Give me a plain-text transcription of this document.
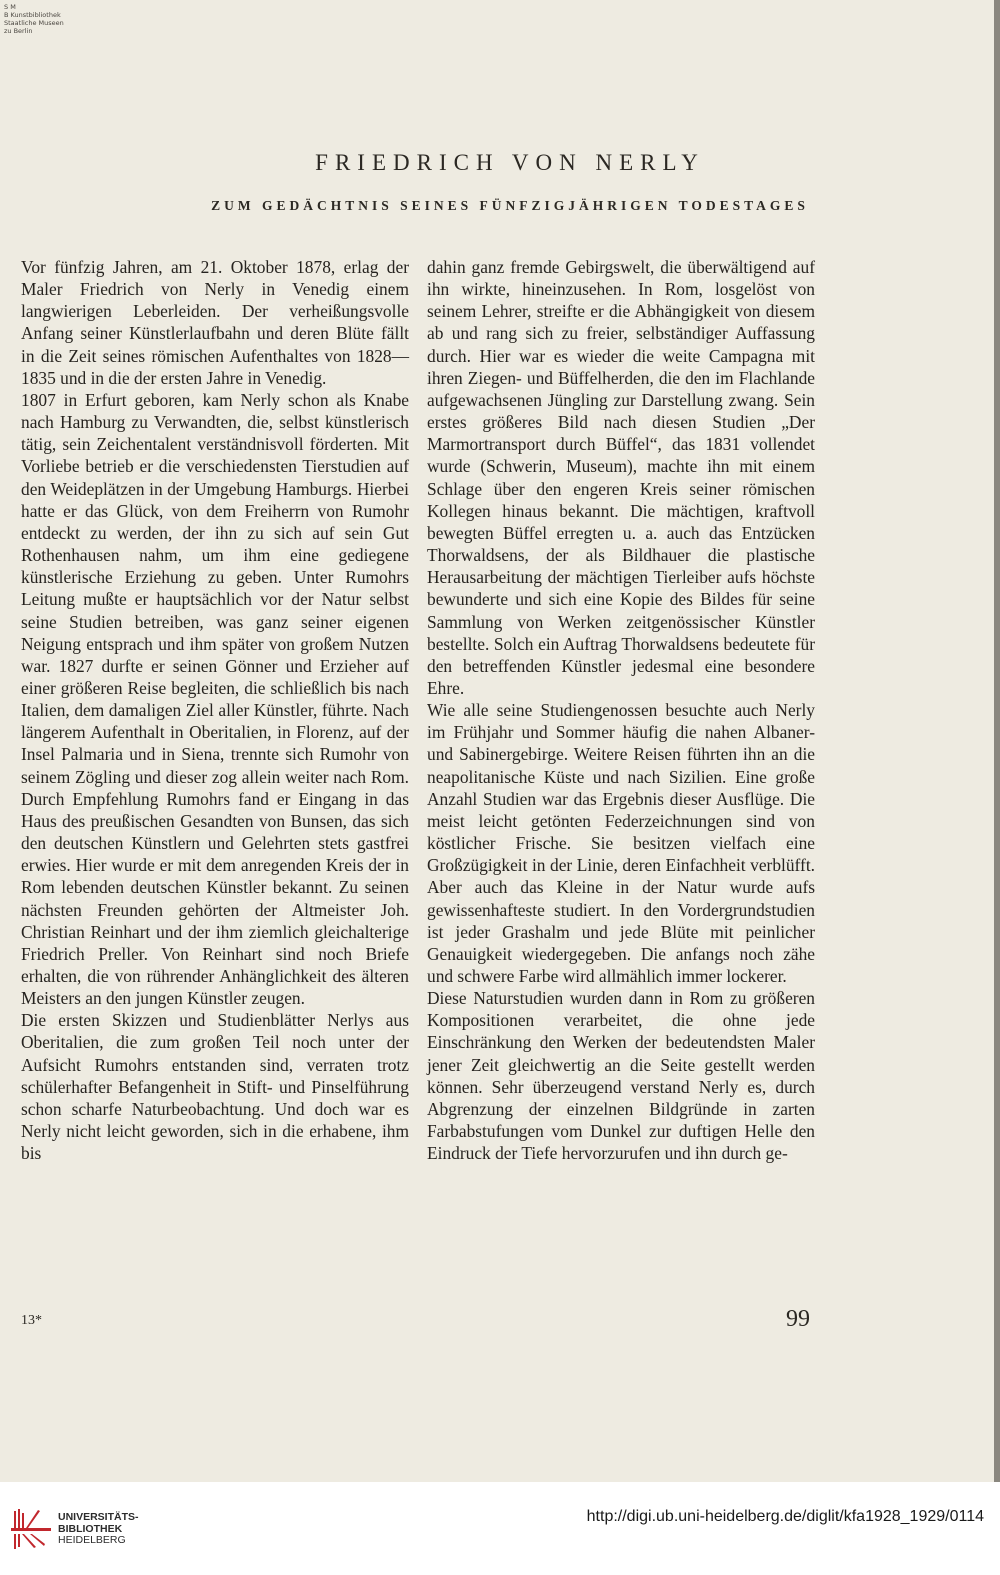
S M
B Kunstbibliothek
Staatliche Museen
zu Berlin
FRIEDRICH VON NERLY
ZUM GEDÄCHTNIS SEINES FÜNFZIGJÄHRIGEN TODESTAGES

Vor fünfzig Jahren, am 21. Oktober 1878, erlag der Maler Friedrich von Nerly in Venedig einem langwierigen Leberleiden. Der verheißungsvolle Anfang seiner Künstlerlaufbahn und deren Blüte fällt in die Zeit seines römischen Aufenthaltes von 1828—1835 und in die der ersten Jahre in Venedig.

1807 in Erfurt geboren, kam Nerly schon als Knabe nach Hamburg zu Verwandten, die, selbst künstlerisch tätig, sein Zeichentalent verständnisvoll förderten. Mit Vorliebe betrieb er die verschiedensten Tierstudien auf den Weideplätzen in der Umgebung Hamburgs. Hierbei hatte er das Glück, von dem Freiherrn von Rumohr entdeckt zu werden, der ihn zu sich auf sein Gut Rothenhausen nahm, um ihm eine gediegene künstlerische Erziehung zu geben. Unter Rumohrs Leitung mußte er hauptsächlich vor der Natur selbst seine Studien betreiben, was ganz seiner eigenen Neigung entsprach und ihm später von großem Nutzen war. 1827 durfte er seinen Gönner und Erzieher auf einer größeren Reise begleiten, die schließlich bis nach Italien, dem damaligen Ziel aller Künstler, führte. Nach längerem Aufenthalt in Oberitalien, in Florenz, auf der Insel Palmaria und in Siena, trennte sich Rumohr von seinem Zögling und dieser zog allein weiter nach Rom. Durch Empfehlung Rumohrs fand er Eingang in das Haus des preußischen Gesandten von Bunsen, das sich den deutschen Künstlern und Gelehrten stets gastfrei erwies. Hier wurde er mit dem anregenden Kreis der in Rom lebenden deutschen Künstler bekannt. Zu seinen nächsten Freunden gehörten der Altmeister Joh. Christian Reinhart und der ihm ziemlich gleichalterige Friedrich Preller. Von Reinhart sind noch Briefe erhalten, die von rührender Anhänglichkeit des älteren Meisters an den jungen Künstler zeugen.

Die ersten Skizzen und Studienblätter Nerlys aus Oberitalien, die zum großen Teil noch unter der Aufsicht Rumohrs entstanden sind, verraten trotz schülerhafter Befangenheit in Stift- und Pinselführung schon scharfe Naturbeobachtung. Und doch war es Nerly nicht leicht geworden, sich in die erhabene, ihm bis

dahin ganz fremde Gebirgswelt, die überwältigend auf ihn wirkte, hineinzusehen. In Rom, losgelöst von seinem Lehrer, streifte er die Abhängigkeit von diesem ab und rang sich zu freier, selbständiger Auffassung durch. Hier war es wieder die weite Campagna mit ihren Ziegen- und Büffelherden, die den im Flachlande aufgewachsenen Jüngling zur Darstellung zwang. Sein erstes größeres Bild nach diesen Studien „Der Marmortransport durch Büffel“, das 1831 vollendet wurde (Schwerin, Museum), machte ihn mit einem Schlage über den engeren Kreis seiner römischen Kollegen hinaus bekannt. Die mächtigen, kraftvoll bewegten Büffel erregten u. a. auch das Entzücken Thorwaldsens, der als Bildhauer die plastische Herausarbeitung der mächtigen Tierleiber aufs höchste bewunderte und sich eine Kopie des Bildes für seine Sammlung von Werken zeitgenössischer Künstler bestellte. Solch ein Auftrag Thorwaldsens bedeutete für den betreffenden Künstler jedesmal eine besondere Ehre.

Wie alle seine Studiengenossen besuchte auch Nerly im Frühjahr und Sommer häufig die nahen Albaner- und Sabinergebirge. Weitere Reisen führten ihn an die neapolitanische Küste und nach Sizilien. Eine große Anzahl Studien war das Ergebnis dieser Ausflüge. Die meist leicht getönten Federzeichnungen sind von köstlicher Frische. Sie besitzen vielfach eine Großzügigkeit in der Linie, deren Einfachheit verblüfft. Aber auch das Kleine in der Natur wurde aufs gewissenhafteste studiert. In den Vordergrundstudien ist jeder Grashalm und jede Blüte mit peinlicher Genauigkeit wiedergegeben. Die anfangs noch zähe und schwere Farbe wird allmählich immer lockerer.

Diese Naturstudien wurden dann in Rom zu größeren Kompositionen verarbeitet, die ohne jede Einschränkung den Werken der bedeutendsten Maler jener Zeit gleichwertig an die Seite gestellt werden können. Sehr überzeugend verstand Nerly es, durch Abgrenzung der einzelnen Bildgründe in zarten Farbabstufungen vom Dunkel zur duftigen Helle den Eindruck der Tiefe hervorzurufen und ihn durch ge-

13*	99
UNIVERSITÄTS-
BIBLIOTHEK
HEIDELBERG
http://digi.ub.uni-heidelberg.de/diglit/kfa1928_1929/0114
